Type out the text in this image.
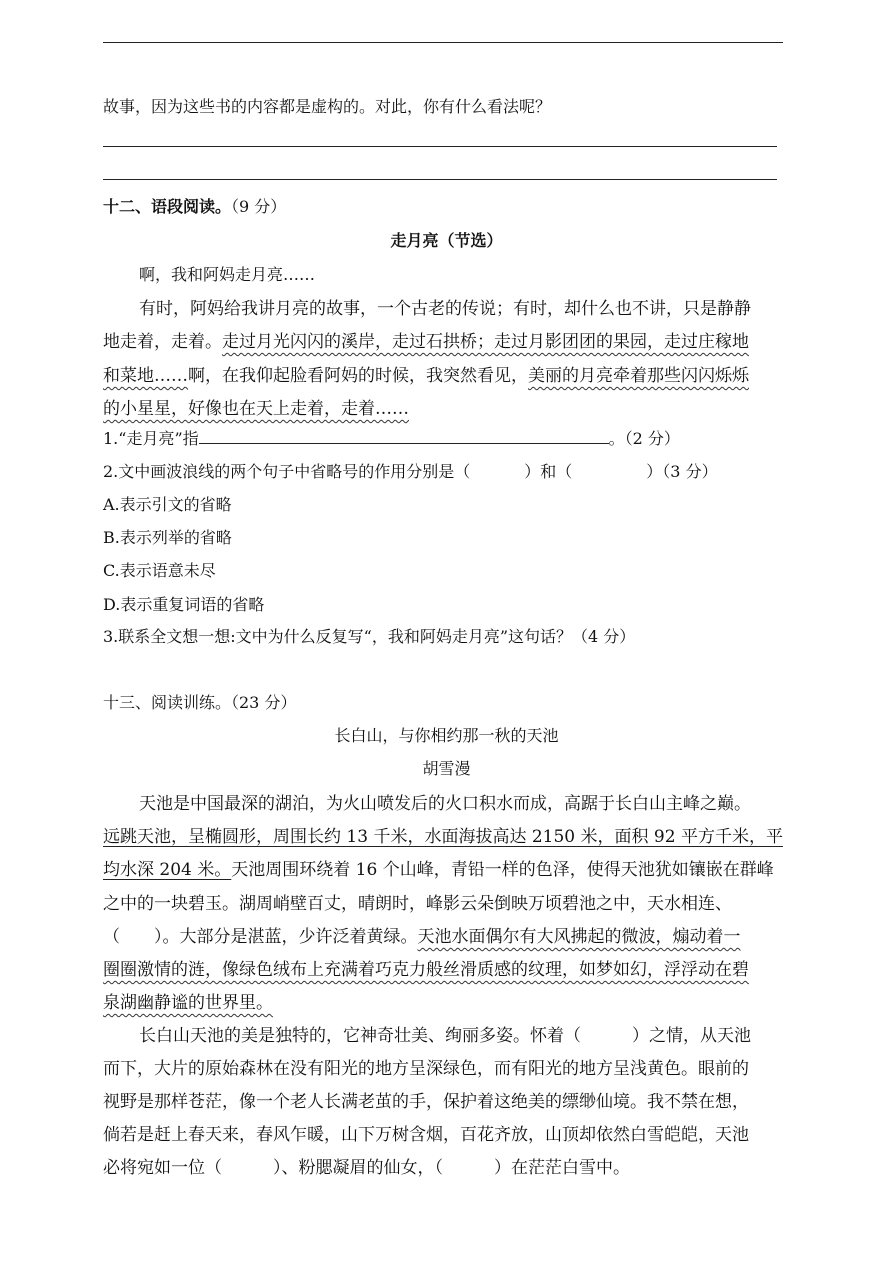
故事，因为这些书的内容都是虚构的。对此，你有什么看法呢？
十二、语段阅读。（9 分）
走月亮（节选）
啊，我和阿妈走月亮……
有时，阿妈给我讲月亮的故事，一个古老的传说；有时，却什么也不讲，只是静静
地走着，走着。走过月光闪闪的溪岸，走过石拱桥；走过月影团团的果园，走过庄稼地
和菜地……啊，在我仰起脸看阿妈的时候，我突然看见，美丽的月亮牵着那些闪闪烁烁
的小星星，好像也在天上走着，走着……
1.“走月亮”指	。（2 分）
2.文中画波浪线的两个句子中省略号的作用分别是（	）和（	）（3 分）
A.表示引文的省略
B.表示列举的省略
C.表示语意未尽
D.表示重复词语的省略
3.联系全文想一想:文中为什么反复写“，我和阿妈走月亮”这句话？（4 分）
十三、阅读训练。（23 分）
长白山，与你相约那一秋的天池
胡雪漫
天池是中国最深的湖泊，为火山喷发后的火口积水而成，高踞于长白山主峰之巅。
远跳天池，呈椭圆形，周围长约 13 千米，水面海拔高达 2150 米，面积 92 平方千米，平
均水深 204 米。天池周围环绕着 16 个山峰，青铅一样的色泽，使得天池犹如镶嵌在群峰
之中的一块碧玉。湖周峭壁百丈，晴朗时，峰影云朵倒映万顷碧池之中，天水相连、
（　　）。大部分是湛蓝，少许泛着黄绿。天池水面偶尔有大风拂起的微波，煽动着一
圈圈激情的涟，像绿色绒布上充满着巧克力般丝滑质感的纹理，如梦如幻，浮浮动在碧
泉湖幽静谧的世界里。
长白山天池的美是独特的，它神奇壮美、绚丽多姿。怀着（　　　）之情，从天池
而下，大片的原始森林在没有阳光的地方呈深绿色，而有阳光的地方呈浅黄色。眼前的
视野是那样苍茫，像一个老人长满老茧的手，保护着这绝美的缥缈仙境。我不禁在想，
倘若是赶上春天来，春风乍暖，山下万树含烟，百花齐放，山顶却依然白雪皑皑，天池
必将宛如一位（　　　）、粉腮凝眉的仙女，（　　　）在茫茫白雪中。
